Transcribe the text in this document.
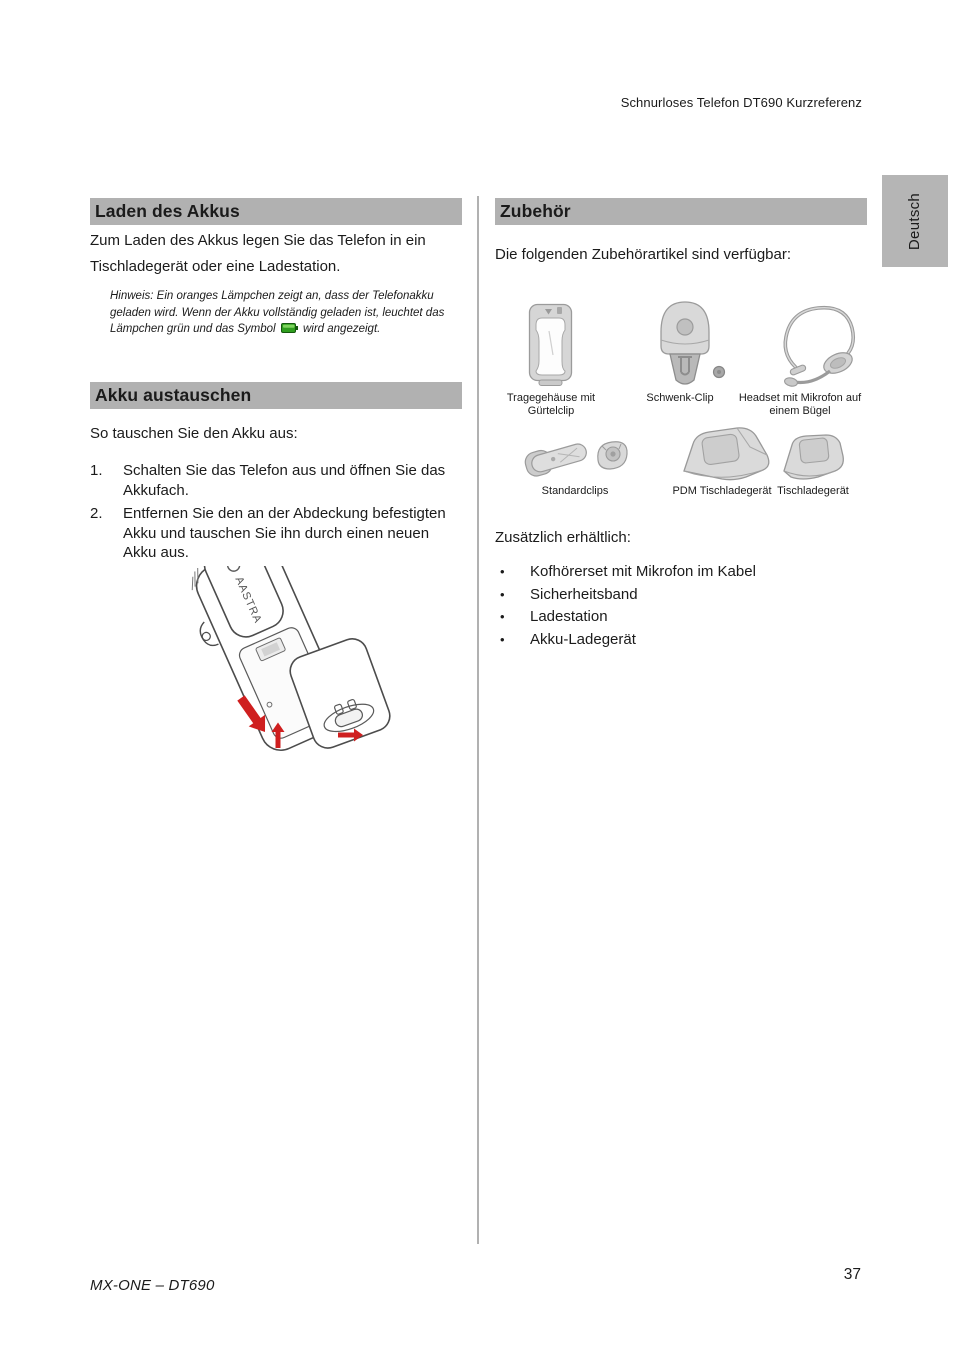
Schnurloses Telefon DT690 Kurzreferenz
Deutsch
Laden des Akkus
Zum Laden des Akkus legen Sie das Telefon in ein Tischladegerät oder eine Ladestation.
Hinweis: Ein oranges Lämpchen zeigt an, dass der Telefonakku geladen wird. Wenn der Akku vollständig geladen ist, leuchtet das Lämpchen grün und das Symbol wird angezeigt.
Akku austauschen
So tauschen Sie den Akku aus:
1.	Schalten Sie das Telefon aus und öffnen Sie das Akkufach.
2.	Entfernen Sie den an der Abdeckung befestigten Akku und tauschen Sie ihn durch einen neuen Akku aus.
AASTRA
Zubehör
Die folgenden Zubehörartikel sind verfügbar:
Tragegehäuse mit Gürtelclip
Schwenk-Clip	Headset mit Mikrofon auf einem Bügel
Standardclips	PDM Tischladegerät Tischladegerät
Zusätzlich erhältlich:
•	Kofhörerset mit Mikrofon im Kabel
•	Sicherheitsband
•	Ladestation
•	Akku-Ladegerät
MX-ONE – DT690
37
